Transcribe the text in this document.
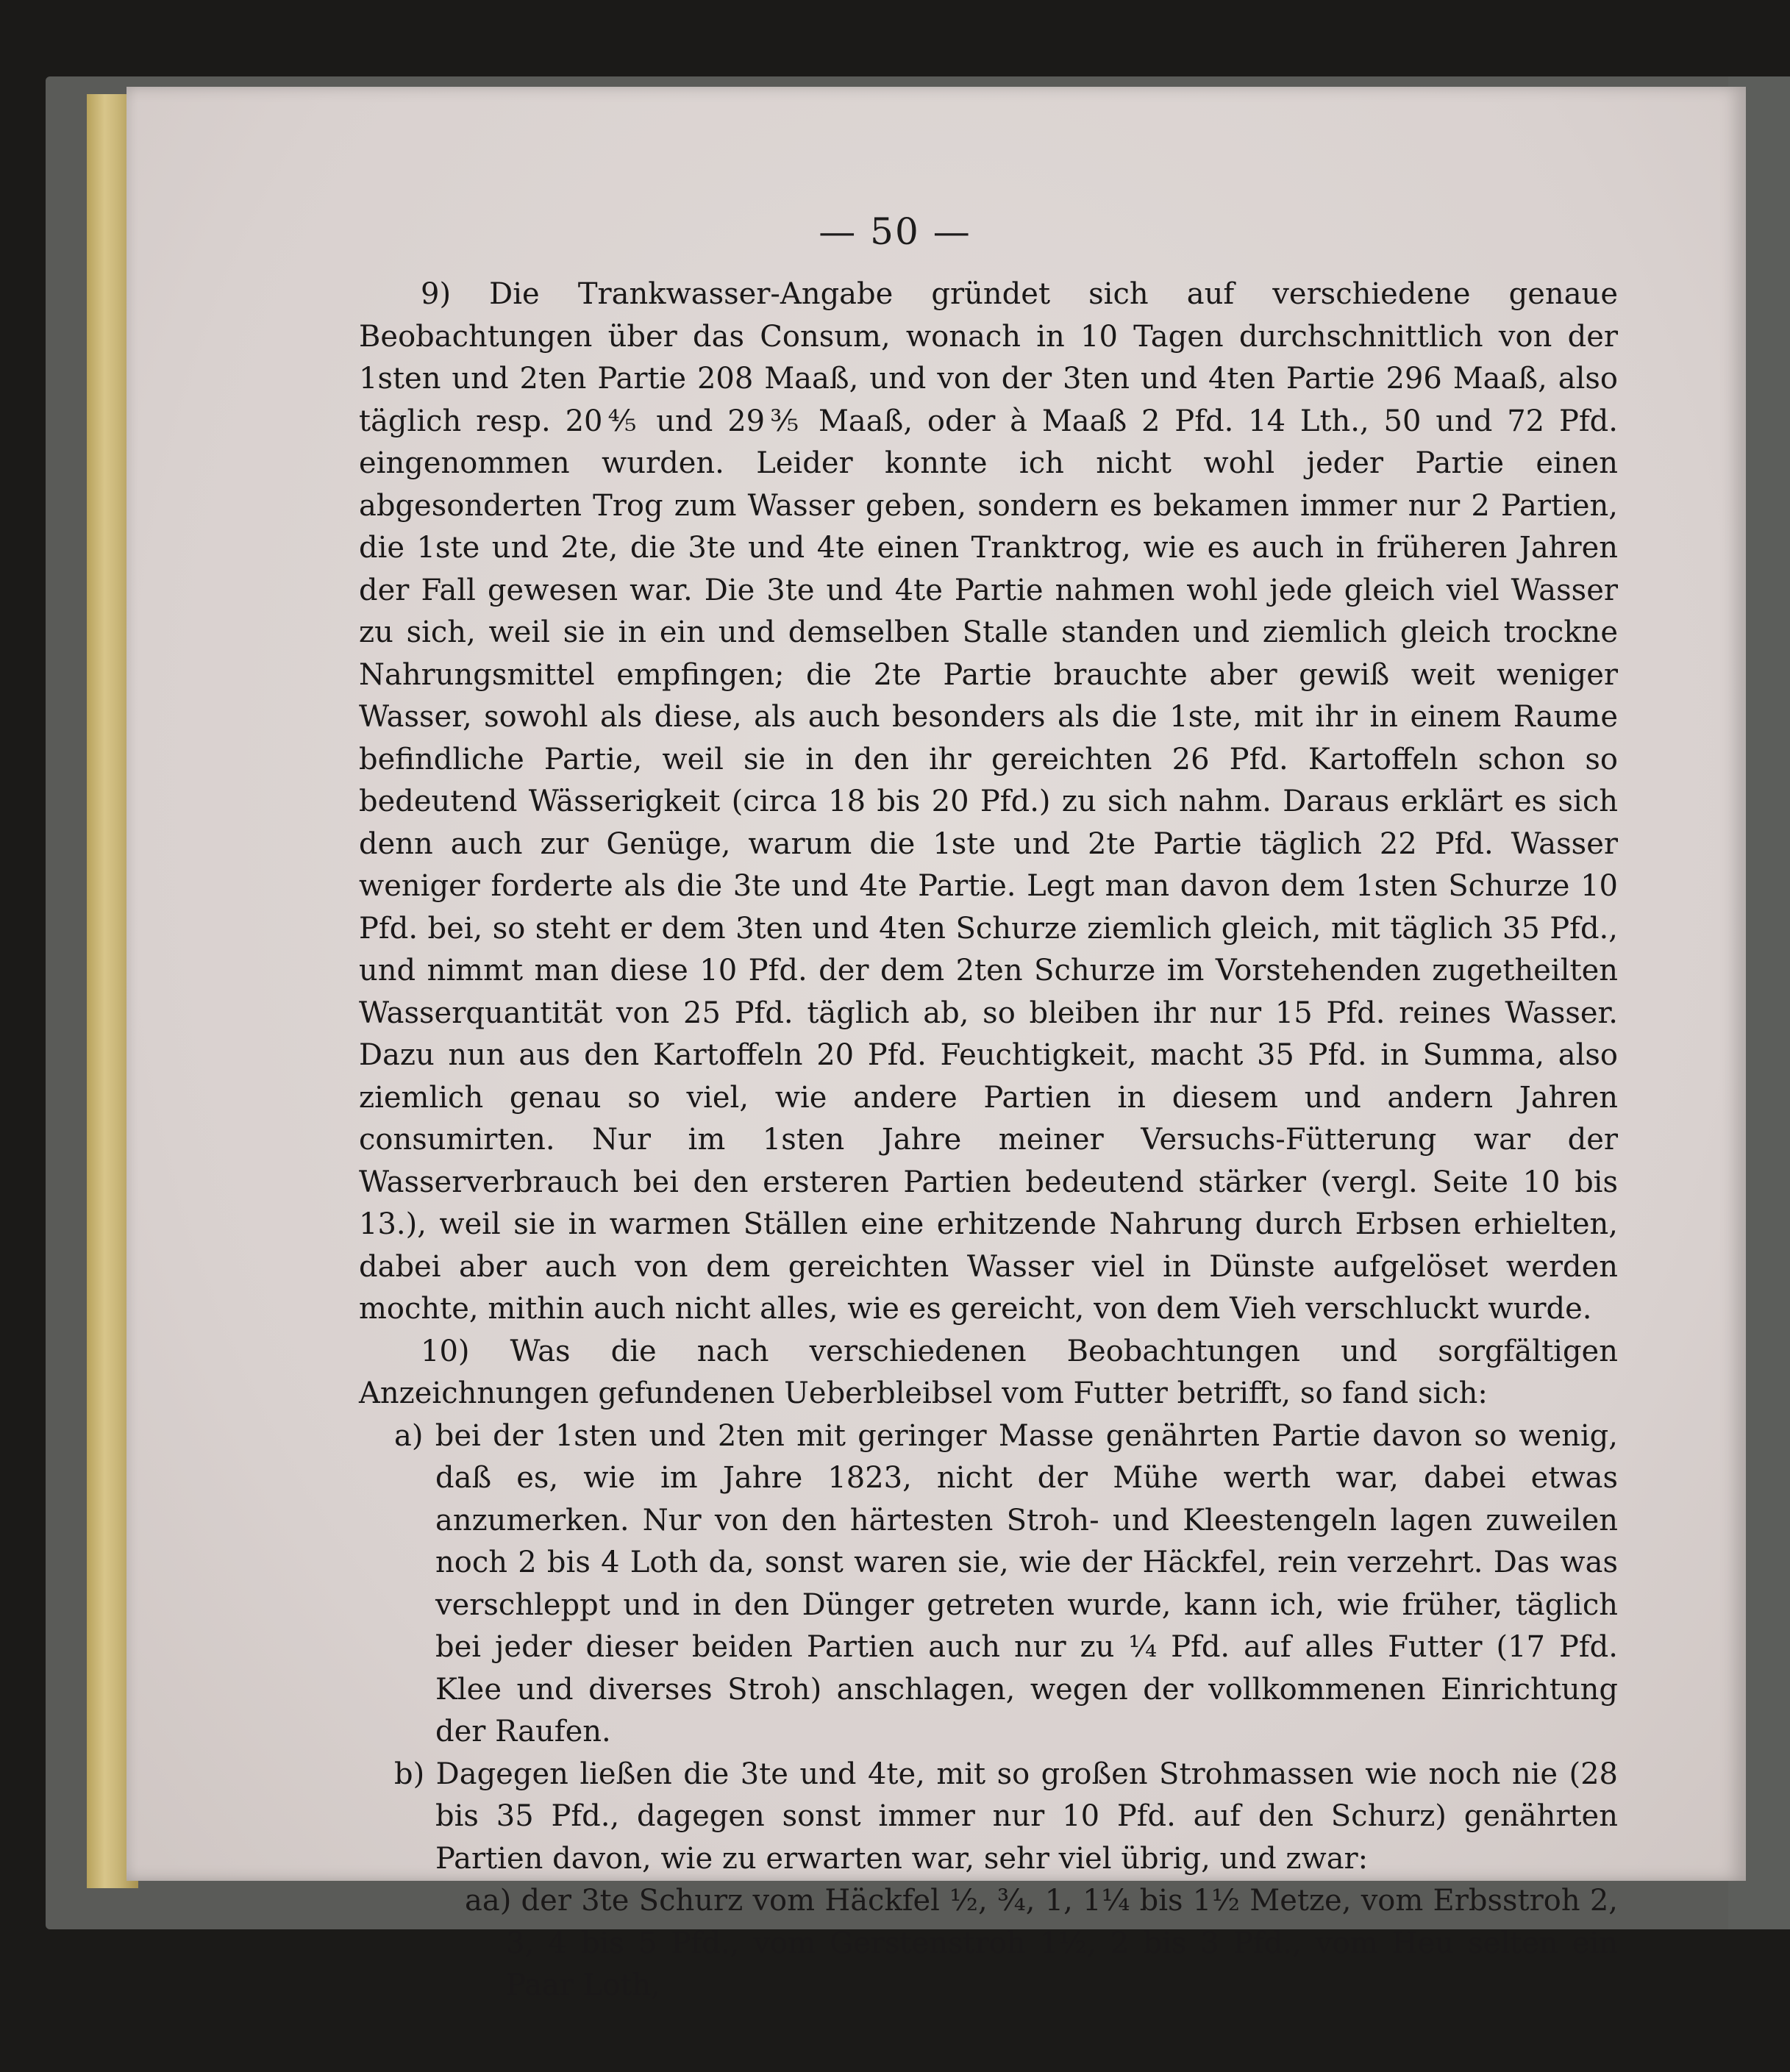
— 50 —

9) Die Trankwasser-Angabe gründet sich auf verschiedene genaue Beobachtungen über das Consum, wonach in 10 Tagen durchschnittlich von der 1sten und 2ten Partie 208 Maaß, und von der 3ten und 4ten Partie 296 Maaß, also täglich resp. 20⅘ und 29⅗ Maaß, oder à Maaß 2 Pfd. 14 Lth., 50 und 72 Pfd. eingenommen wurden. Leider konnte ich nicht wohl jeder Partie einen abgesonderten Trog zum Wasser geben, sondern es bekamen immer nur 2 Partien, die 1ste und 2te, die 3te und 4te einen Tranktrog, wie es auch in früheren Jahren der Fall gewesen war. Die 3te und 4te Partie nahmen wohl jede gleich viel Wasser zu sich, weil sie in ein und demselben Stalle standen und ziemlich gleich trockne Nahrungsmittel empfingen; die 2te Partie brauchte aber gewiß weit weniger Wasser, sowohl als diese, als auch besonders als die 1ste, mit ihr in einem Raume befindliche Partie, weil sie in den ihr gereichten 26 Pfd. Kartoffeln schon so bedeutend Wässerigkeit (circa 18 bis 20 Pfd.) zu sich nahm. Daraus erklärt es sich denn auch zur Genüge, warum die 1ste und 2te Partie täglich 22 Pfd. Wasser weniger forderte als die 3te und 4te Partie. Legt man davon dem 1sten Schurze 10 Pfd. bei, so steht er dem 3ten und 4ten Schurze ziemlich gleich, mit täglich 35 Pfd., und nimmt man diese 10 Pfd. der dem 2ten Schurze im Vorstehenden zugetheilten Wasserquantität von 25 Pfd. täglich ab, so bleiben ihr nur 15 Pfd. reines Wasser. Dazu nun aus den Kartoffeln 20 Pfd. Feuchtigkeit, macht 35 Pfd. in Summa, also ziemlich genau so viel, wie andere Partien in diesem und andern Jahren consumirten. Nur im 1sten Jahre meiner Versuchs-Fütterung war der Wasserverbrauch bei den ersteren Partien bedeutend stärker (vergl. Seite 10 bis 13.), weil sie in warmen Ställen eine erhitzende Nahrung durch Erbsen erhielten, dabei aber auch von dem gereichten Wasser viel in Dünste aufgelöset werden mochte, mithin auch nicht alles, wie es gereicht, von dem Vieh verschluckt wurde.

10) Was die nach verschiedenen Beobachtungen und sorgfältigen Anzeichnungen gefundenen Ueberbleibsel vom Futter betrifft, so fand sich:

a) bei der 1sten und 2ten mit geringer Masse genährten Partie davon so wenig, daß es, wie im Jahre 1823, nicht der Mühe werth war, dabei etwas anzumerken. Nur von den härtesten Stroh- und Kleestengeln lagen zuweilen noch 2 bis 4 Loth da, sonst waren sie, wie der Häckfel, rein verzehrt. Das was verschleppt und in den Dünger getreten wurde, kann ich, wie früher, täglich bei jeder dieser beiden Partien auch nur zu ¼ Pfd. auf alles Futter (17 Pfd. Klee und diverses Stroh) anschlagen, wegen der vollkommenen Einrichtung der Raufen.

b) Dagegen ließen die 3te und 4te, mit so großen Strohmassen wie noch nie (28 bis 35 Pfd., dagegen sonst immer nur 10 Pfd. auf den Schurz) genährten Partien davon, wie zu erwarten war, sehr viel übrig, und zwar:

aa) der 3te Schurz vom Häckfel ½, ¾, 1, 1¼ bis 1½ Metze, vom Erbsstroh 2, 3, 4 bis 5 Pfd., vom Gerstenstroh 1½, 2 bis 3 Pfd., vom Heu selten ein Paar Loth,
